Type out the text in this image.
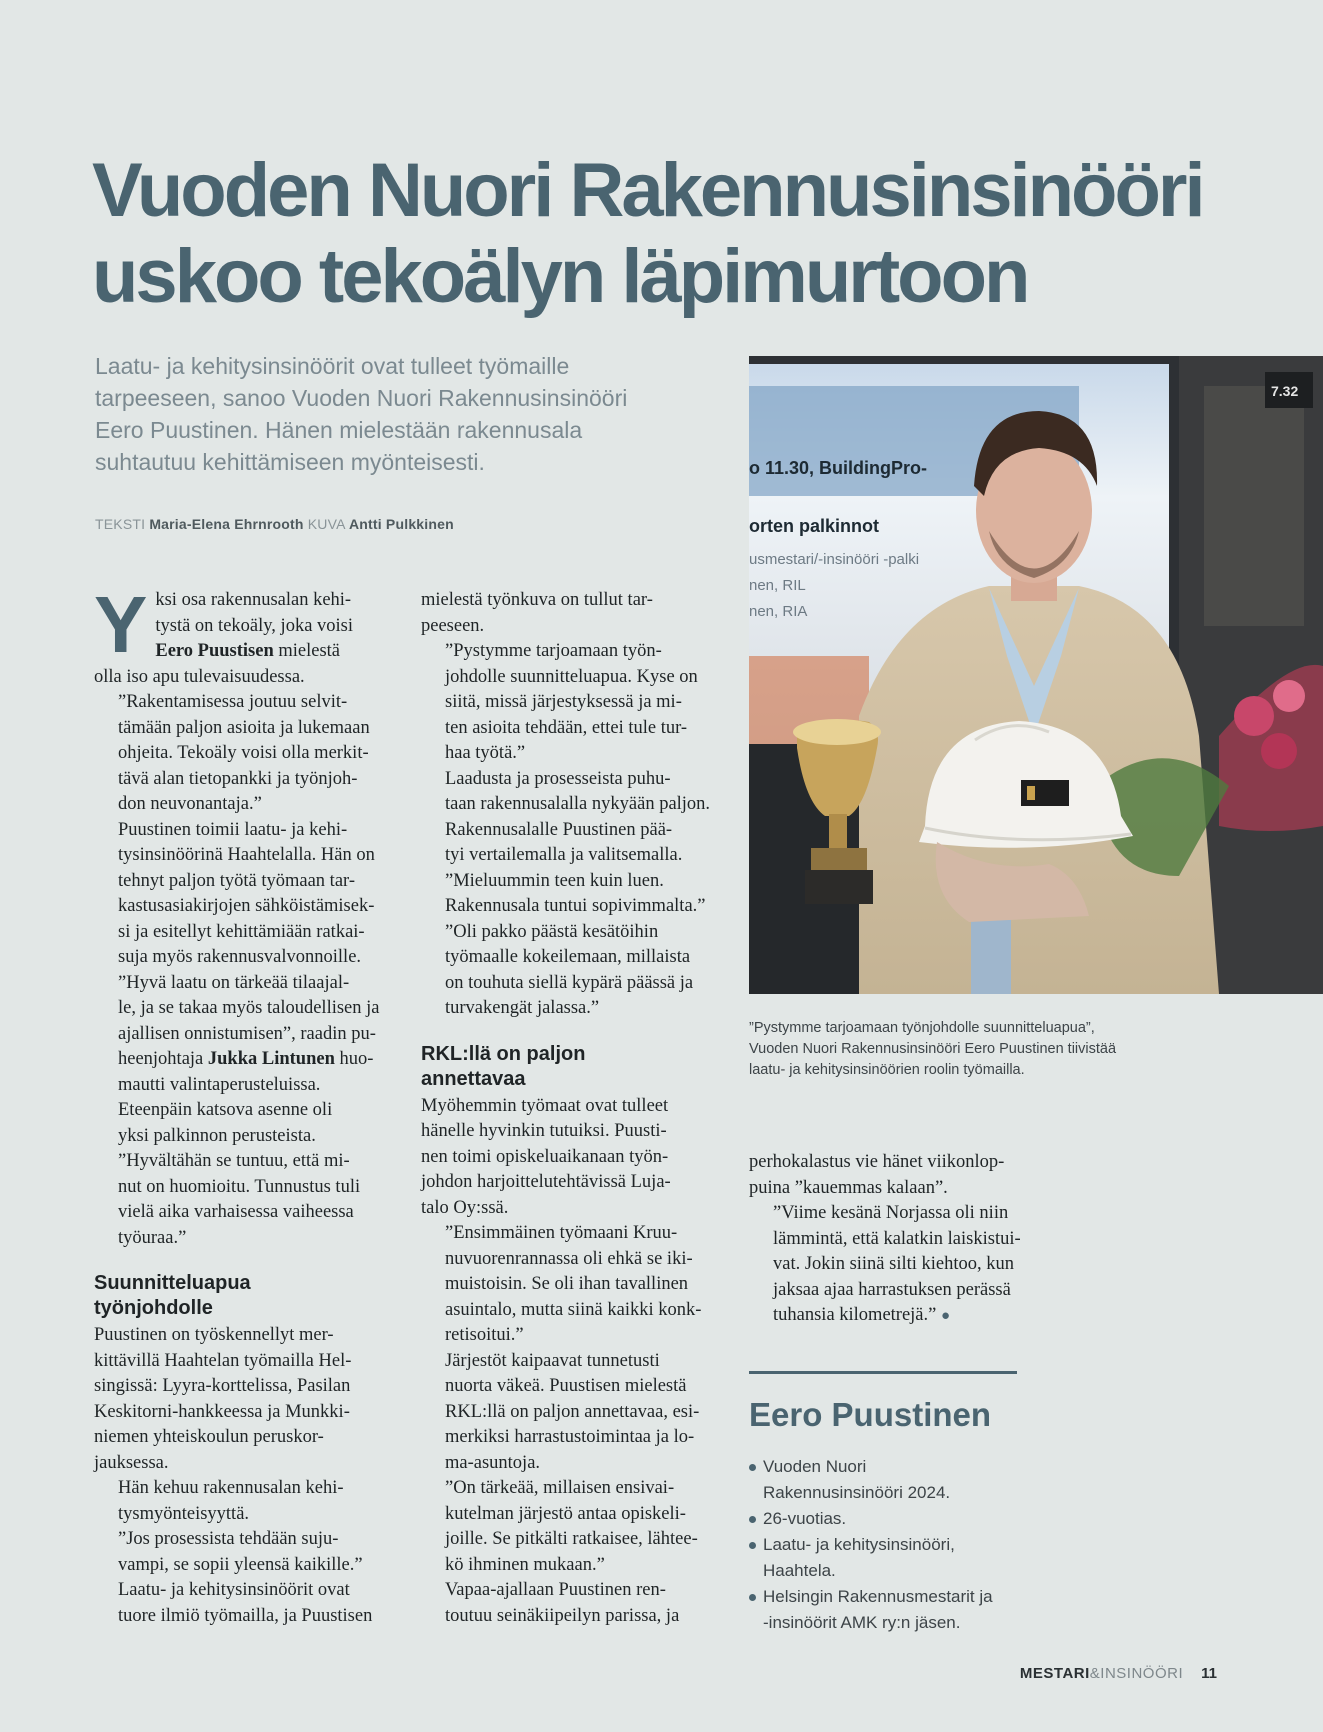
Vuoden Nuori Rakennusinsinööri
uskoo tekoälyn läpimurtoon

Laatu- ja kehitysinsinöörit ovat tulleet työmaille
tarpeeseen, sanoo Vuoden Nuori Rakennusinsinööri
Eero Puustinen. Hänen mielestään rakennusala
suhtautuu kehittämiseen myönteisesti.

TEKSTI Maria-Elena Ehrnrooth KUVA Antti Pulkkinen

Y ksi osa rakennusalan kehi-
tystä on tekoäly, joka voisi
Eero Puustisen mielestä
olla iso apu tulevaisuudessa.

”Rakentamisessa joutuu selvit-
tämään paljon asioita ja lukemaan
ohjeita. Tekoäly voisi olla merkit-
tävä alan tietopankki ja työnjoh-
don neuvonantaja.”

Puustinen toimii laatu- ja kehi-
tysinsinöörinä Haahtelalla. Hän on
tehnyt paljon työtä työmaan tar-
kastusasiakirjojen sähköistämisek-
si ja esitellyt kehittämiään ratkai-
suja myös rakennusvalvonnoille.

”Hyvä laatu on tärkeää tilaajal-
le, ja se takaa myös taloudellisen ja
ajallisen onnistumisen”, raadin pu-
heenjohtaja Jukka Lintunen huo-
mautti valintaperusteluissa.

Eteenpäin katsova asenne oli
yksi palkinnon perusteista.

”Hyvältähän se tuntuu, että mi-
nut on huomioitu. Tunnustus tuli
vielä aika varhaisessa vaiheessa
työuraa.”

Suunnitteluapua
työnjohdolle

Puustinen on työskennellyt mer-
kittävillä Haahtelan työmailla Hel-
singissä: Lyyra-korttelissa, Pasilan
Keskitorni-hankkeessa ja Munkki-
niemen yhteiskoulun peruskor-
jauksessa.

Hän kehuu rakennusalan kehi-
tysmyönteisyyttä.

”Jos prosessista tehdään suju-
vampi, se sopii yleensä kaikille.”

Laatu- ja kehitysinsinöörit ovat
tuore ilmiö työmailla, ja Puustisen

mielestä työnkuva on tullut tar-
peeseen.

”Pystymme tarjoamaan työn-
johdolle suunnitteluapua. Kyse on
siitä, missä järjestyksessä ja mi-
ten asioita tehdään, ettei tule tur-
haa työtä.”

Laadusta ja prosesseista puhu-
taan rakennusalalla nykyään paljon.

Rakennusalalle Puustinen pää-
tyi vertailemalla ja valitsemalla.

”Mieluummin teen kuin luen.
Rakennusala tuntui sopivimmalta.”

”Oli pakko päästä kesätöihin
työmaalle kokeilemaan, millaista
on touhuta siellä kypärä päässä ja
turvakengät jalassa.”

RKL:llä on paljon
annettavaa

Myöhemmin työmaat ovat tulleet
hänelle hyvinkin tutuiksi. Puusti-
nen toimi opiskeluaikanaan työn-
johdon harjoittelutehtävissä Luja-
talo Oy:ssä.

”Ensimmäinen työmaani Kruu-
nuvuorenrannassa oli ehkä se iki-
muistoisin. Se oli ihan tavallinen
asuintalo, mutta siinä kaikki konk-
retisoitui.”

Järjestöt kaipaavat tunnetusti
nuorta väkeä. Puustisen mielestä
RKL:llä on paljon annettavaa, esi-
merkiksi harrastustoimintaa ja lo-
ma-asuntoja.

”On tärkeää, millaisen ensivai-
kutelman järjestö antaa opiskeli-
joille. Se pitkälti ratkaisee, lähtee-
kö ihminen mukaan.”

Vapaa-ajallaan Puustinen ren-
toutuu seinäkiipeilyn parissa, ja

7.32
o 11.30, BuildingPro-
orten palkinnot
usmestari/-insinööri -palki
nen, RIL
nen, RIA
”Pystymme tarjoamaan työnjohdolle suunnitteluapua”,
Vuoden Nuori Rakennusinsinööri Eero Puustinen tiivistää
laatu- ja kehitysinsinöörien roolin työmailla.

perhokalastus vie hänet viikonlop-
puina ”kauemmas kalaan”.

”Viime kesänä Norjassa oli niin
lämmintä, että kalatkin laiskistui-
vat. Jokin siinä silti kiehtoo, kun
jaksaa ajaa harrastuksen perässä
tuhansia kilometrejä.” ●

Eero Puustinen
Vuoden Nuori
Rakennusinsinööri 2024.
26-vuotias.
Laatu- ja kehitysinsinööri,
Haahtela.
Helsingin Rakennusmestarit ja
-insinöörit AMK ry:n jäsen.
MESTARI&INSINÖÖRI 11
